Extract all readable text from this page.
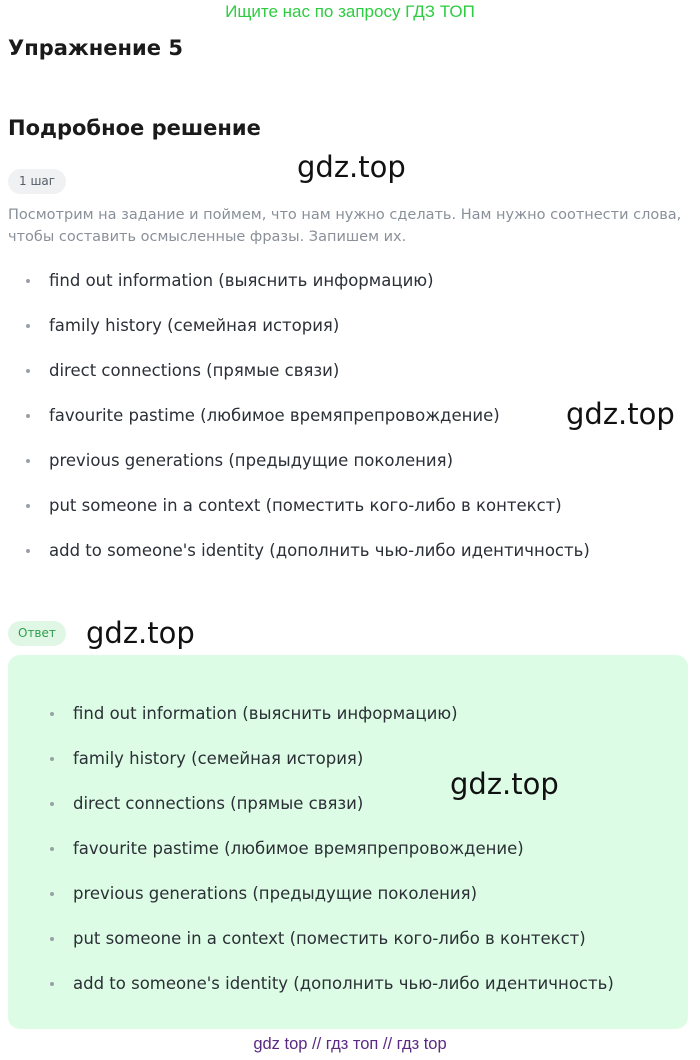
Ищите нас по запросу ГДЗ ТОП
Упражнение 5
Подробное решение
1 шаг	gdz.top
Посмотрим на задание и поймем, что нам нужно сделать. Нам нужно соотнести слова, чтобы составить осмысленные фразы. Запишем их.
find out information (выяснить информацию)
family history (семейная история)
direct connections (прямые связи)
favourite pastime (любимое времяпрепровождение)
previous generations (предыдущие поколения)
put someone in a context (поместить кого-либо в контекст)
add to someone's identity (дополнить чью-либо идентичность)
gdz.top
Ответ	gdz.top
find out information (выяснить информацию)
family history (семейная история)
direct connections (прямые связи)
favourite pastime (любимое времяпрепровождение)
previous generations (предыдущие поколения)
put someone in a context (поместить кого-либо в контекст)
add to someone's identity (дополнить чью-либо идентичность)
gdz.top
gdz top // гдз топ // гдз top
